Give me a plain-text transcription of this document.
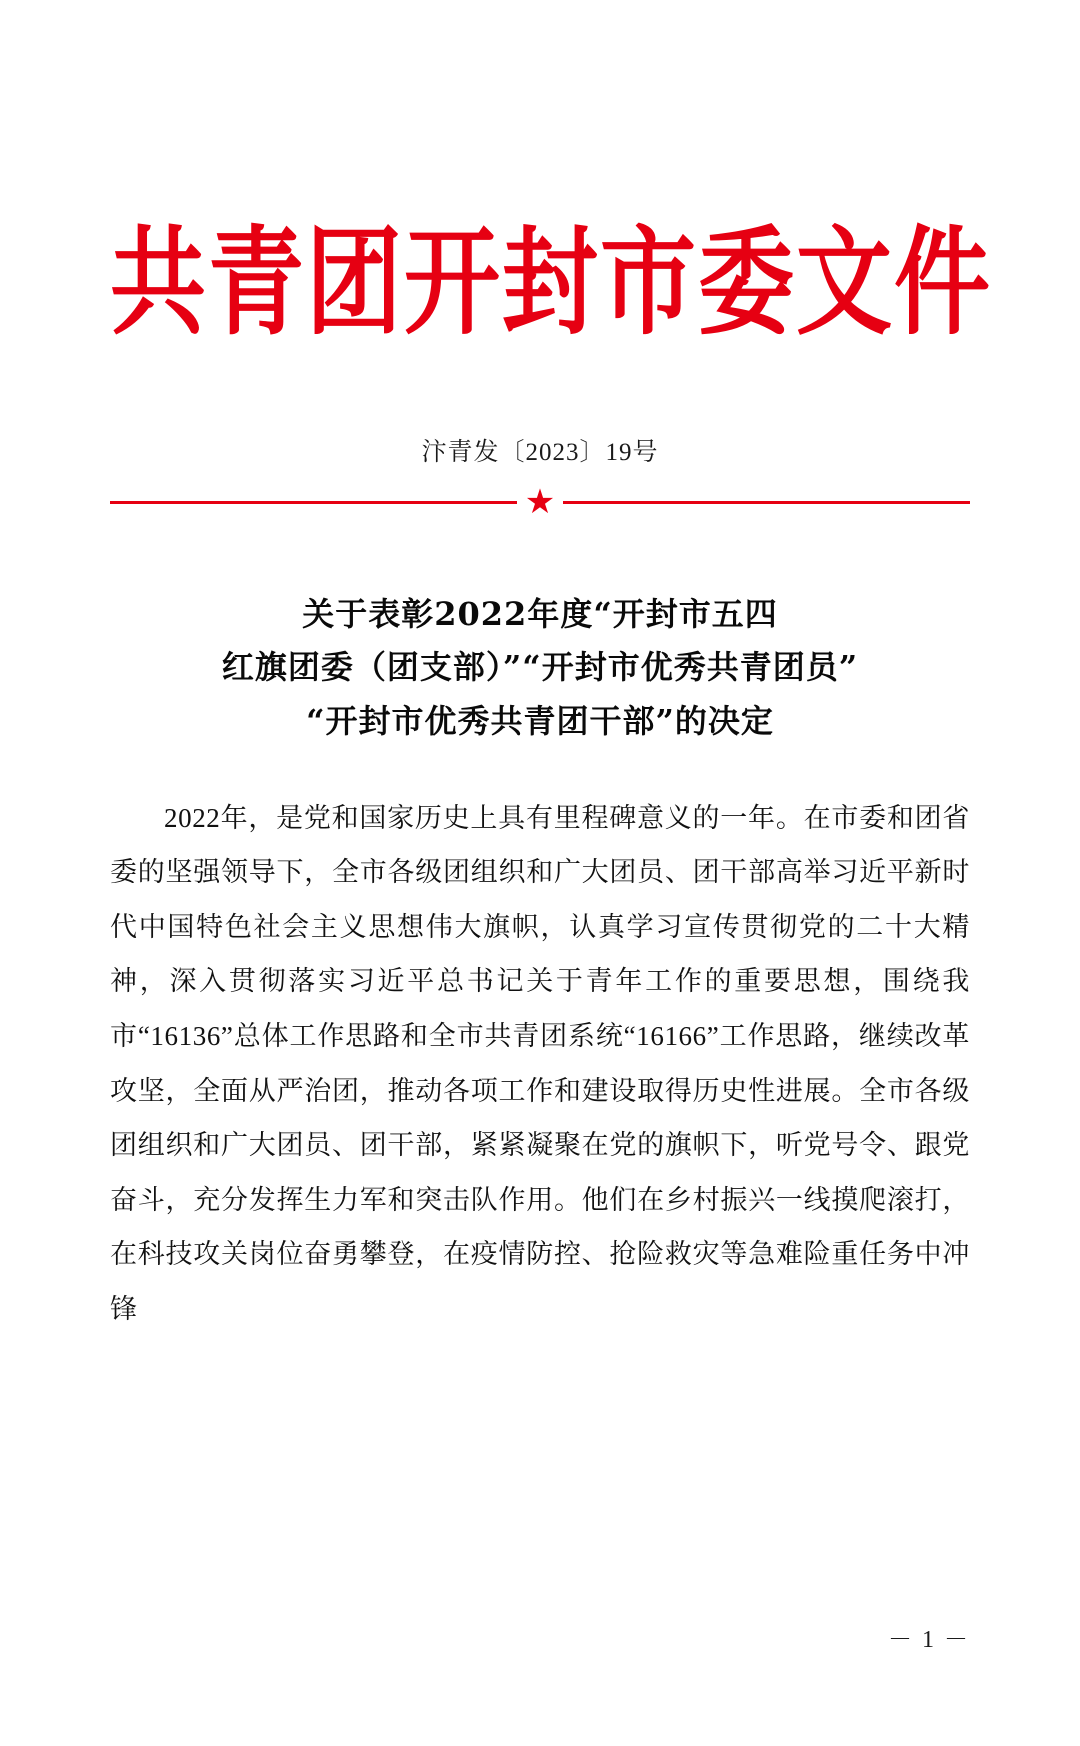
共青团开封市委文件
汴青发〔2023〕19号
★
关于表彰2022年度“开封市五四
红旗团委（团支部）”“开封市优秀共青团员”
“开封市优秀共青团干部”的决定

2022年，是党和国家历史上具有里程碑意义的一年。在市委和团省委的坚强领导下，全市各级团组织和广大团员、团干部高举习近平新时代中国特色社会主义思想伟大旗帜，认真学习宣传贯彻党的二十大精神，深入贯彻落实习近平总书记关于青年工作的重要思想，围绕我市“16136”总体工作思路和全市共青团系统“16166”工作思路，继续改革攻坚，全面从严治团，推动各项工作和建设取得历史性进展。全市各级团组织和广大团员、团干部，紧紧凝聚在党的旗帜下，听党号令、跟党奋斗，充分发挥生力军和突击队作用。他们在乡村振兴一线摸爬滚打，在科技攻关岗位奋勇攀登，在疫情防控、抢险救灾等急难险重任务中冲锋

－ 1 －
